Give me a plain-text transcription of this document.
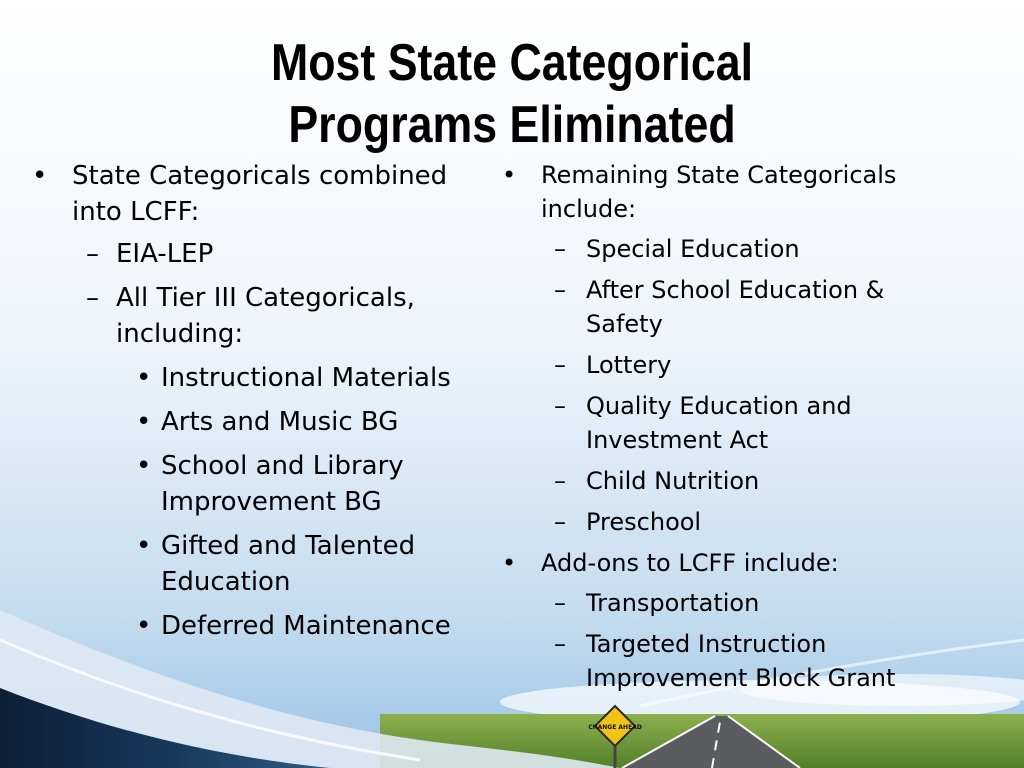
CHANGE AHEAD
Most State Categorical
Programs Eliminated
• State Categoricals combined into LCFF:
– EIA-LEP
– All Tier III Categoricals, including:
• Instructional Materials
• Arts and Music BG
• School and Library Improvement BG
• Gifted and Talented Education
• Deferred Maintenance
• Remaining State Categoricals include:
– Special Education
– After School Education & Safety
– Lottery
– Quality Education and Investment Act
– Child Nutrition
– Preschool
• Add-ons to LCFF include:
– Transportation
– Targeted Instruction Improvement Block Grant
